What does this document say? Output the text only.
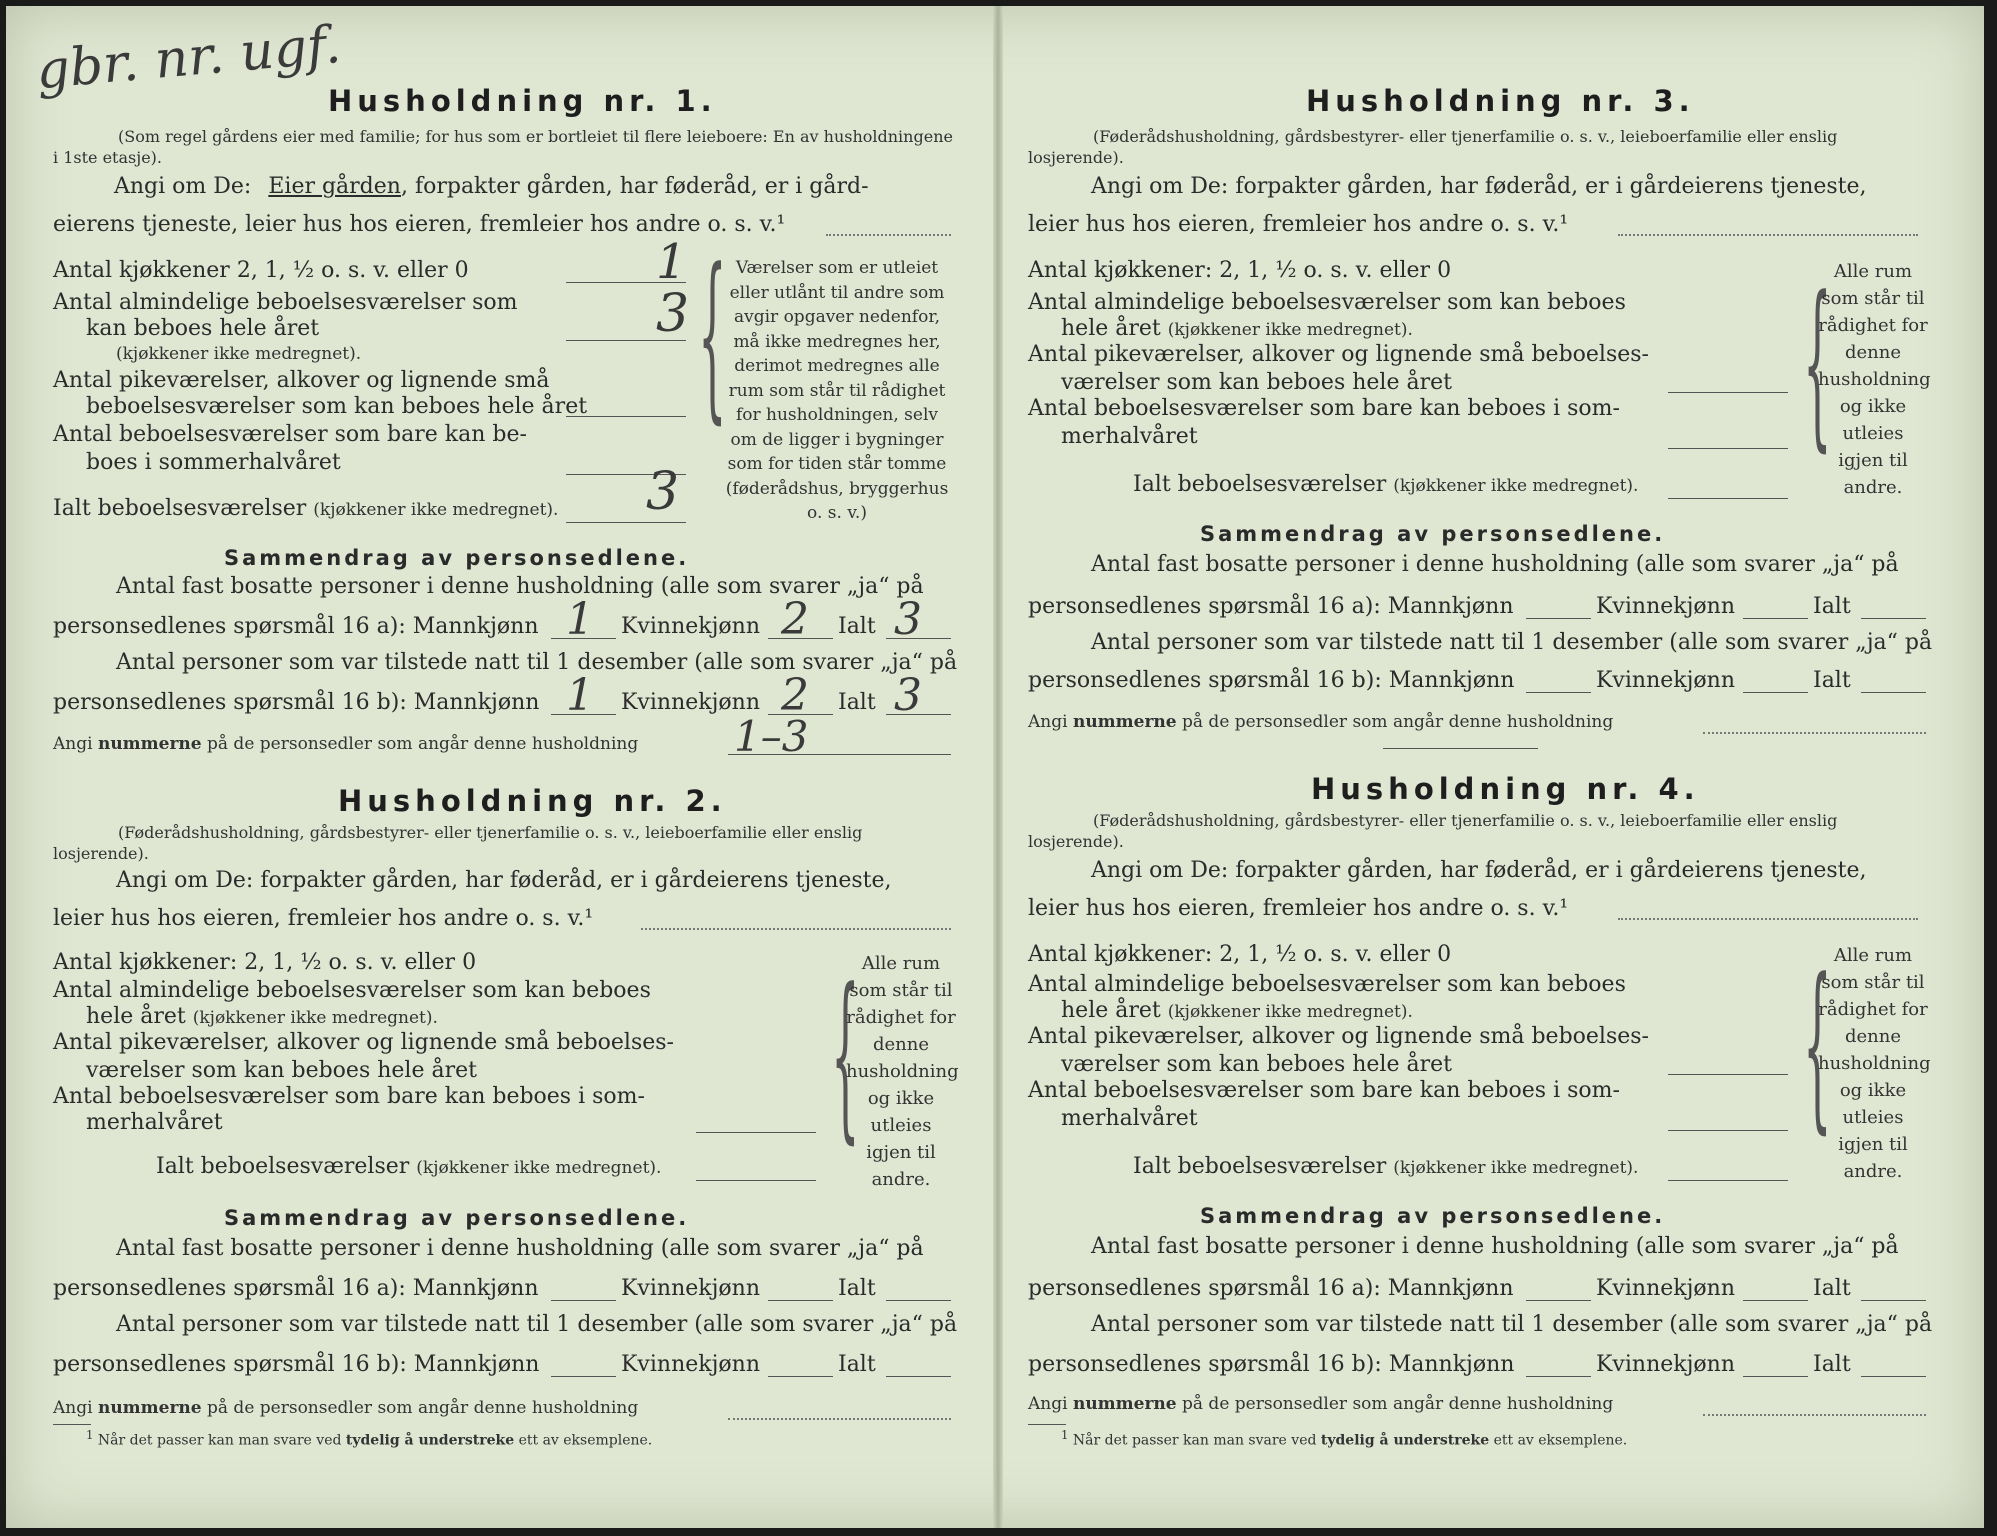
gbr. nr. ugf.
Husholdning nr. 1.
(Som regel gårdens eier med familie; for hus som er bortleiet til flere leieboere: En av husholdningene i 1ste etasje).
Angi om De: Eier gården, forpakter gården, har føderåd, er i gård-
eierens tjeneste, leier hus hos eieren, fremleier hos andre o. s. v.¹
Antal kjøkkener 2, 1, ½ o. s. v. eller 0	1
Antal almindelige beboelsesværelser som
kan beboes hele året
(kjøkkener ikke medregnet).
3
Antal pikeværelser, alkover og lignende små
beboelsesværelser som kan beboes hele året
Antal beboelsesværelser som bare kan be-
boes i sommerhalvåret
Ialt beboelsesværelser (kjøkkener ikke medregnet). 3
{ Værelser som er utleiet eller utlånt til andre som avgir opgaver nedenfor, må ikke medregnes her, derimot medregnes alle rum som står til rådighet for husholdningen, selv om de ligger i bygninger som for tiden står tomme (føderådshus, bryggerhus o. s. v.)
Sammendrag av personsedlene.
Antal fast bosatte personer i denne husholdning (alle som svarer „ja“ på
personsedlenes spørsmål 16 a): Mannkjønn 1 Kvinnekjønn 2 Ialt 3
Antal personer som var tilstede natt til 1 desember (alle som svarer „ja“ på
personsedlenes spørsmål 16 b): Mannkjønn 1 Kvinnekjønn 2 Ialt 3
Angi nummerne på de personsedler som angår denne husholdning 1–3
Husholdning nr. 2.
(Føderådshusholdning, gårdsbestyrer- eller tjenerfamilie o. s. v., leieboerfamilie eller enslig losjerende).
Angi om De: forpakter gården, har føderåd, er i gårdeierens tjeneste,
leier hus hos eieren, fremleier hos andre o. s. v.¹
Antal kjøkkener: 2, 1, ½ o. s. v. eller 0
Antal almindelige beboelsesværelser som kan beboes
hele året (kjøkkener ikke medregnet).
Antal pikeværelser, alkover og lignende små beboelses-
værelser som kan beboes hele året
Antal beboelsesværelser som bare kan beboes i som-
merhalvåret
Ialt beboelsesværelser (kjøkkener ikke medregnet).
{ Alle rum som står til rådighet for denne husholdning og ikke utleies igjen til andre.
Sammendrag av personsedlene.
Antal fast bosatte personer i denne husholdning (alle som svarer „ja“ på
personsedlenes spørsmål 16 a): Mannkjønn	Kvinnekjønn	Ialt
Antal personer som var tilstede natt til 1 desember (alle som svarer „ja“ på
personsedlenes spørsmål 16 b): Mannkjønn	Kvinnekjønn	Ialt
Angi nummerne på de personsedler som angår denne husholdning
$^1$ Når det passer kan man svare ved tydelig å understreke ett av eksemplene.
Husholdning nr. 3.
(Føderådshusholdning, gårdsbestyrer- eller tjenerfamilie o. s. v., leieboerfamilie eller enslig losjerende).
Angi om De: forpakter gården, har føderåd, er i gårdeierens tjeneste,
leier hus hos eieren, fremleier hos andre o. s. v.¹
Antal kjøkkener: 2, 1, ½ o. s. v. eller 0
Antal almindelige beboelsesværelser som kan beboes
hele året (kjøkkener ikke medregnet).
Antal pikeværelser, alkover og lignende små beboelses-
værelser som kan beboes hele året
Antal beboelsesværelser som bare kan beboes i som-
merhalvåret
Ialt beboelsesværelser (kjøkkener ikke medregnet).
{ Alle rum som står til rådighet for denne husholdning og ikke utleies igjen til andre.
Sammendrag av personsedlene.
Antal fast bosatte personer i denne husholdning (alle som svarer „ja“ på
personsedlenes spørsmål 16 a): Mannkjønn	Kvinnekjønn	Ialt
Antal personer som var tilstede natt til 1 desember (alle som svarer „ja“ på
personsedlenes spørsmål 16 b): Mannkjønn	Kvinnekjønn	Ialt
Angi nummerne på de personsedler som angår denne husholdning
Husholdning nr. 4.
(Føderådshusholdning, gårdsbestyrer- eller tjenerfamilie o. s. v., leieboerfamilie eller enslig losjerende).
Angi om De: forpakter gården, har føderåd, er i gårdeierens tjeneste,
leier hus hos eieren, fremleier hos andre o. s. v.¹
Antal kjøkkener: 2, 1, ½ o. s. v. eller 0
Antal almindelige beboelsesværelser som kan beboes
hele året (kjøkkener ikke medregnet).
Antal pikeværelser, alkover og lignende små beboelses-
værelser som kan beboes hele året
Antal beboelsesværelser som bare kan beboes i som-
merhalvåret
Ialt beboelsesværelser (kjøkkener ikke medregnet).
{ Alle rum som står til rådighet for denne husholdning og ikke utleies igjen til andre.
Sammendrag av personsedlene.
Antal fast bosatte personer i denne husholdning (alle som svarer „ja“ på
personsedlenes spørsmål 16 a): Mannkjønn	Kvinnekjønn	Ialt
Antal personer som var tilstede natt til 1 desember (alle som svarer „ja“ på
personsedlenes spørsmål 16 b): Mannkjønn	Kvinnekjønn	Ialt
Angi nummerne på de personsedler som angår denne husholdning
$^1$ Når det passer kan man svare ved tydelig å understreke ett av eksemplene.
